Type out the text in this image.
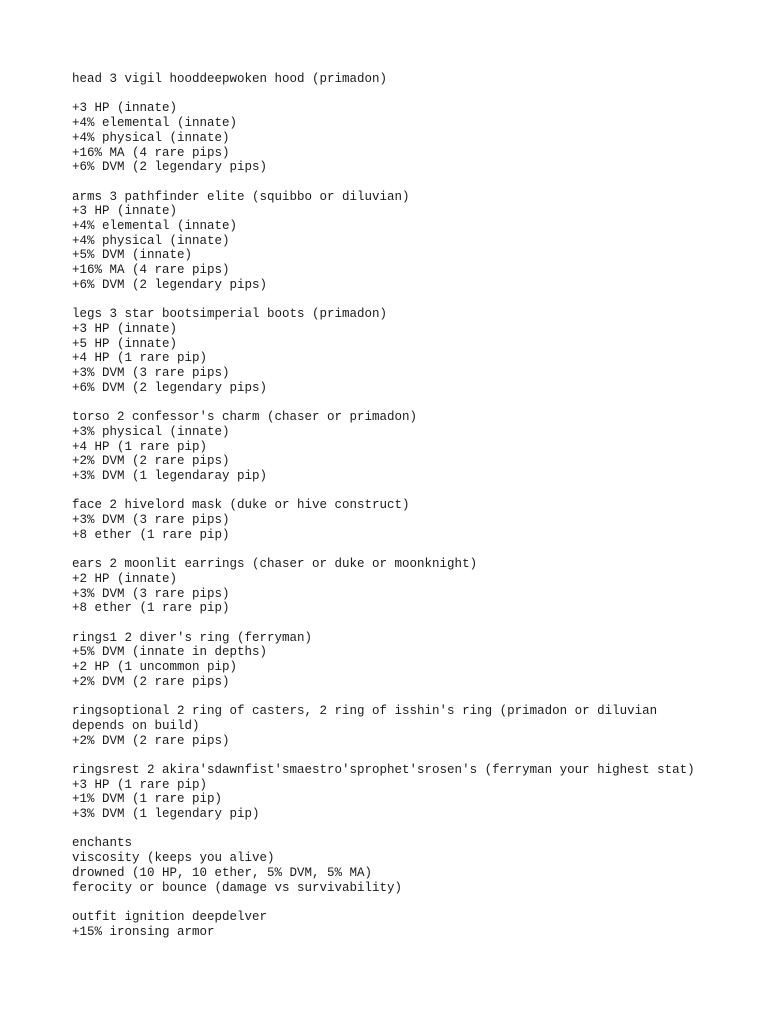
head 3 vigil hooddeepwoken hood (primadon)
+3 HP (innate)
+4% elemental (innate)
+4% physical (innate)
+16% MA (4 rare pips)
+6% DVM (2 legendary pips)
arms 3 pathfinder elite (squibbo or diluvian)
+3 HP (innate)
+4% elemental (innate)
+4% physical (innate)
+5% DVM (innate)
+16% MA (4 rare pips)
+6% DVM (2 legendary pips)
legs 3 star bootsimperial boots (primadon)
+3 HP (innate)
+5 HP (innate)
+4 HP (1 rare pip)
+3% DVM (3 rare pips)
+6% DVM (2 legendary pips)
torso 2 confessor's charm (chaser or primadon)
+3% physical (innate)
+4 HP (1 rare pip)
+2% DVM (2 rare pips)
+3% DVM (1 legendaray pip)
face 2 hivelord mask (duke or hive construct)
+3% DVM (3 rare pips)
+8 ether (1 rare pip)
ears 2 moonlit earrings (chaser or duke or moonknight)
+2 HP (innate)
+3% DVM (3 rare pips)
+8 ether (1 rare pip)
rings1 2 diver's ring (ferryman)
+5% DVM (innate in depths)
+2 HP (1 uncommon pip)
+2% DVM (2 rare pips)
ringsoptional 2 ring of casters, 2 ring of isshin's ring (primadon or diluvian depends on build)
+2% DVM (2 rare pips)
ringsrest 2 akira'sdawnfist'smaestro'sprophet'srosen's (ferryman your highest stat)
+3 HP (1 rare pip)
+1% DVM (1 rare pip)
+3% DVM (1 legendary pip)
enchants
viscosity (keeps you alive)
drowned (10 HP, 10 ether, 5% DVM, 5% MA)
ferocity or bounce (damage vs survivability)
outfit ignition deepdelver
+15% ironsing armor
